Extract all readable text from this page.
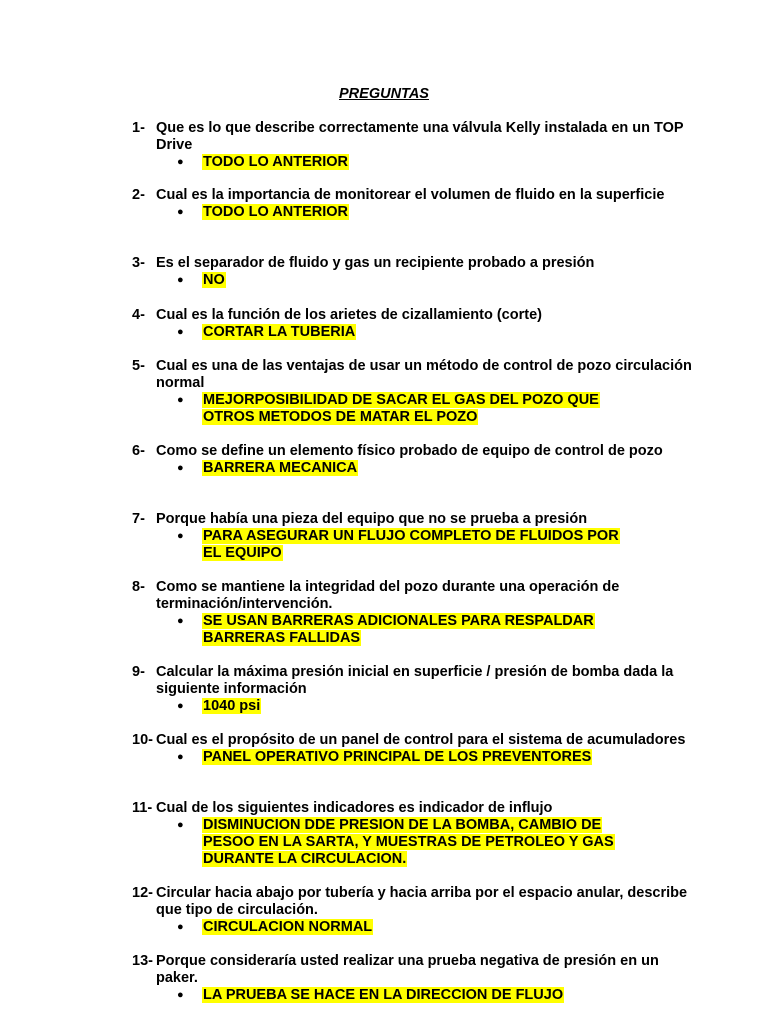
PREGUNTAS
1- Que es lo que describe correctamente una válvula Kelly instalada en un TOP Drive
●	TODO LO ANTERIOR
2- Cual es la importancia de monitorear el volumen de fluido en la superficie
●	TODO LO ANTERIOR
3- Es el separador de fluido y gas un recipiente probado a presión
●	NO
4- Cual es la función de los arietes de cizallamiento (corte)
●	CORTAR LA TUBERIA
5- Cual es una de las ventajas de usar un método de control de pozo circulación normal
●	MEJORPOSIBILIDAD DE SACAR EL GAS DEL POZO QUE OTROS METODOS DE MATAR EL POZO
6- Como se define un elemento físico probado de equipo de control de pozo
●	BARRERA MECANICA
7- Porque había una pieza del equipo que no se prueba a presión
●	PARA ASEGURAR UN FLUJO COMPLETO DE FLUIDOS POR EL EQUIPO
8- Como se mantiene la integridad del pozo durante una operación de terminación/intervención.
●	SE USAN BARRERAS ADICIONALES PARA RESPALDAR BARRERAS FALLIDAS
9- Calcular la máxima presión inicial en superficie / presión de bomba dada la siguiente información
●	1040 psi
10- Cual es el propósito de un panel de control para el sistema de acumuladores
●	PANEL OPERATIVO PRINCIPAL DE LOS PREVENTORES
11- Cual de los siguientes indicadores es indicador de influjo
●	DISMINUCION DDE PRESION DE LA BOMBA, CAMBIO DE PESOO EN LA SARTA, Y MUESTRAS DE PETROLEO Y GAS DURANTE LA CIRCULACION.
12- Circular hacia abajo por tubería y hacia arriba por el espacio anular, describe que tipo de circulación.
●	CIRCULACION NORMAL
13- Porque consideraría usted realizar una prueba negativa de presión en un paker.
●	LA PRUEBA SE HACE EN LA DIRECCION DE FLUJO
